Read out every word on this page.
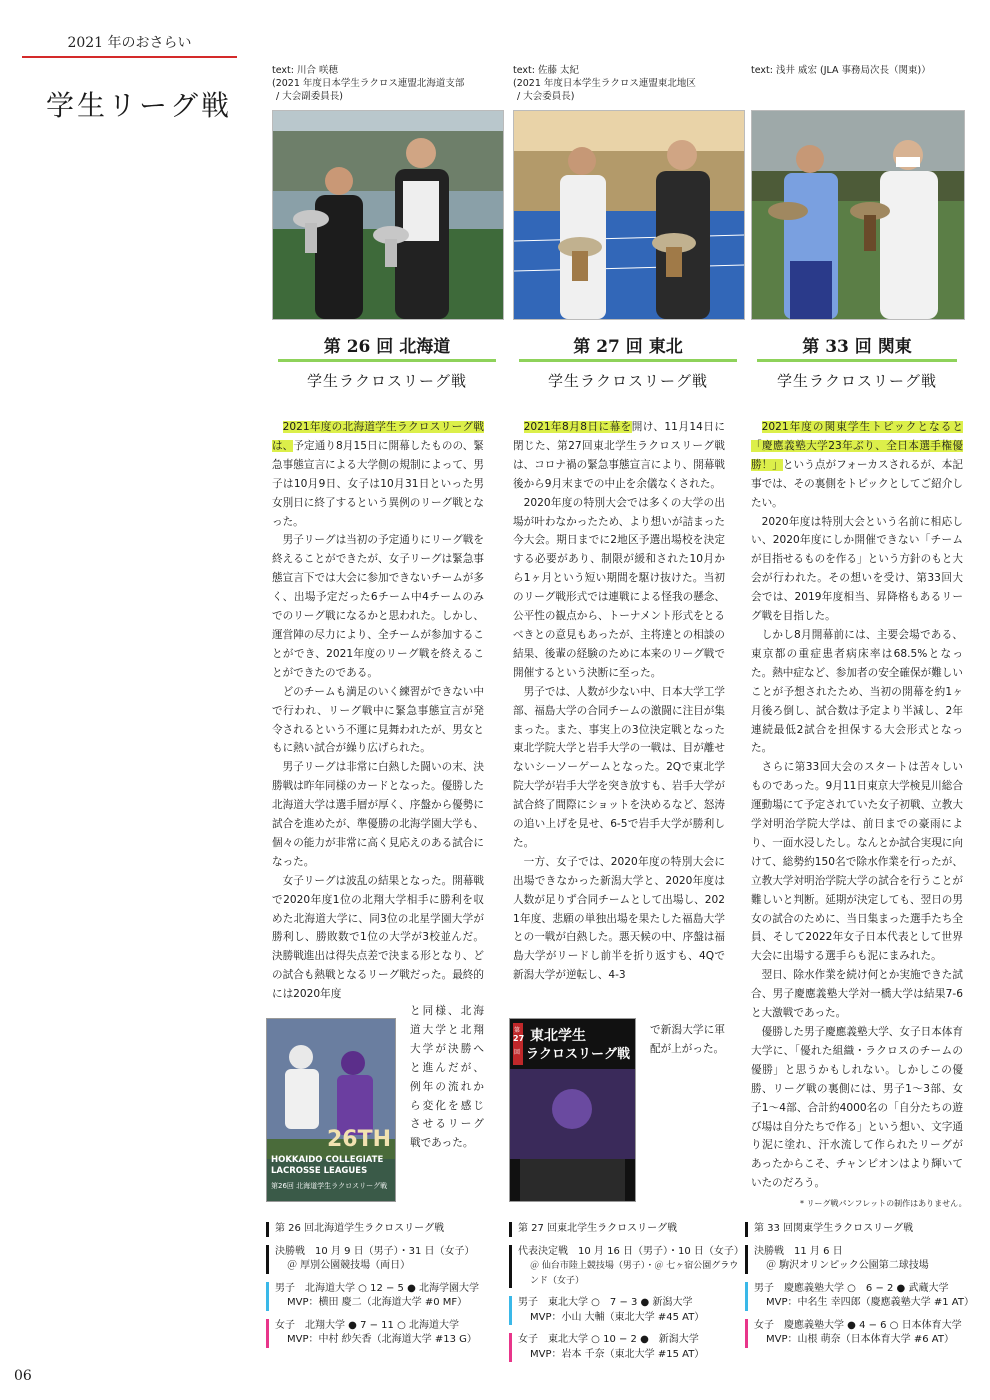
2021 年のおさらい
学生リーグ戦
text: 川合 咲穂
(2021 年度日本学生ラクロス連盟北海道支部
/ 大会副委員長)
第 26 回 北海道
学生ラクロスリーグ戦
text: 佐藤 太紀
(2021 年度日本学生ラクロス連盟東北地区
/ 大会委員長)
第 27 回 東北
学生ラクロスリーグ戦
text: 浅井 威宏 (JLA 事務局次長（関東)）
第 33 回 関東
学生ラクロスリーグ戦

2021年度の北海道学生ラクロスリーグ戦は、予定通り8月15日に開幕したものの、緊急事態宣言による大学側の規制によって、男子は10月9日、女子は10月31日といった男女別日に終了するという異例のリーグ戦となった。

男子リーグは当初の予定通りにリーグ戦を終えることができたが、女子リーグは緊急事態宣言下では大会に参加できないチームが多く、出場予定だった6チーム中4チームのみでのリーグ戦になるかと思われた。しかし、運営陣の尽力により、全チームが参加することができ、2021年度のリーグ戦を終えることができたのである。

どのチームも満足のいく練習ができない中で行われ、リーグ戦中に緊急事態宣言が発令されるという不運に見舞われたが、男女ともに熱い試合が繰り広げられた。

男子リーグは非常に白熱した闘いの末、決勝戦は昨年同様のカードとなった。優勝した北海道大学は選手層が厚く、序盤から優勢に試合を進めたが、準優勝の北海学園大学も、個々の能力が非常に高く見応えのある試合になった。

女子リーグは波乱の結果となった。開幕戦で2020年度1位の北翔大学相手に勝利を収めた北海道大学に、同3位の北星学園大学が勝利し、勝敗数で1位の大学が3校並んだ。決勝戦進出は得失点差で決まる形となり、どの試合も熱戦となるリーグ戦だった。最終的には2020年度

と同様、北海道大学と北翔大学が決勝へと進んだが、例年の流れから変化を感じさせるリーグ戦であった。
26TH
HOKKAIDO COLLEGIATE
LACROSSE LEAGUES
第26回 北海道学生ラクロスリーグ戦

2021年8月8日に幕を開け、11月14日に閉じた、第27回東北学生ラクロスリーグ戦は、コロナ禍の緊急事態宣言により、開幕戦後から9月末までの中止を余儀なくされた。

2020年度の特別大会では多くの大学の出場が叶わなかったため、より想いが詰まった今大会。期日までに2地区予選出場校を決定する必要があり、制限が緩和された10月から1ヶ月という短い期間を駆け抜けた。当初のリーグ戦形式では連戦による怪我の懸念、公平性の観点から、トーナメント形式をとるべきとの意見もあったが、主将達との相談の結果、後輩の経験のために本来のリーグ戦で開催するという決断に至った。

男子では、人数が少ない中、日本大学工学部、福島大学の合同チームの激闘に注目が集まった。また、事実上の3位決定戦となった東北学院大学と岩手大学の一戦は、目が離せないシーソーゲームとなった。2Qで東北学院大学が岩手大学を突き放すも、岩手大学が試合終了間際にショットを決めるなど、怒涛の追い上げを見せ、6-5で岩手大学が勝利した。

一方、女子では、2020年度の特別大会に出場できなかった新潟大学と、2020年度は人数が足りず合同チームとして出場し、2021年度、悲願の単独出場を果たした福島大学との一戦が白熱した。悪天候の中、序盤は福島大学がリードし前半を折り返すも、4Qで新潟大学が逆転し、4-3

で新潟大学に軍配が上がった。
第
27
回
東北学生
ラクロスリーグ戦

2021年度の関東学生トピックとなると「慶應義塾大学23年ぶり、全日本選手権優勝！」という点がフォーカスされるが、本記事では、その裏側をトピックとしてご紹介したい。

2020年度は特別大会という名前に相応しい、2020年度にしか開催できない「チームが目指せるものを作る」という方針のもと大会が行われた。その想いを受け、第33回大会では、2019年度相当、昇降格もあるリーグ戦を目指した。

しかし8月開幕前には、主要会場である、東京都の重症患者病床率は68.5%となった。熱中症など、参加者の安全確保が難しいことが予想されたため、当初の開幕を約1ヶ月後ろ倒し、試合数は予定より半減し、2年連続最低2試合を担保する大会形式となった。

さらに第33回大会のスタートは苦々しいものであった。9月11日東京大学検見川総合運動場にて予定されていた女子初戦、立教大学対明治学院大学は、前日までの豪雨により、一面水浸したし。なんとか試合実現に向けて、総勢約150名で除水作業を行ったが、立教大学対明治学院大学の試合を行うことが難しいと判断。延期が決定しても、翌日の男女の試合のために、当日集まった選手たち全員、そして2022年女子日本代表として世界大会に出場する選手らも泥にまみれた。

翌日、除水作業を続け何とか実施できた試合、男子慶應義塾大学対一橋大学は結果7-6と大激戦であった。

優勝した男子慶應義塾大学、女子日本体育大学に、「優れた組織・ラクロスのチームの優勝」と思うかもしれない。しかしこの優勝、リーグ戦の裏側には、男子1～3部、女子1～4部、合計約4000名の「自分たちの遊び場は自分たちで作る」という想い、文字通り泥に塗れ、汗水流して作られたリーグがあったからこそ、チャンピオンはより輝いていたのだろう。

* リーグ戦パンフレットの制作はありません。
第 26 回北海道学生ラクロスリーグ戦
決勝戦　10 月 9 日（男子）・31 日（女子）
＠ 厚別公園競技場（両日）
男子　北海道大学 ○ 12 − 5 ● 北海学園大学
MVP：横田 慶二（北海道大学 #0 MF）
女子　北翔大学 ● 7 − 11 ○ 北海道大学
MVP：中村 紗矢香（北海道大学 #13 G）
第 27 回東北学生ラクロスリーグ戦
代表決定戦　10 月 16 日（男子）・10 日（女子）
＠ 仙台市陸上競技場（男子）・＠ 七ヶ宿公園グラウンド（女子）
男子　東北大学 ○　7 − 3 ● 新潟大学
MVP：小山 大輔（東北大学 #45 AT）
女子　東北大学 ○ 10 − 2 ●　新潟大学
MVP：岩本 千奈（東北大学 #15 AT）
第 33 回関東学生ラクロスリーグ戦
決勝戦　11 月 6 日
＠ 駒沢オリンピック公園第二球技場
男子　慶應義塾大学 ○　6 − 2 ● 武蔵大学
MVP：中名生 幸四郎（慶應義塾大学 #1 AT）
女子　慶應義塾大学 ● 4 − 6 ○ 日本体育大学
MVP：山根 萌奈（日本体育大学 #6 AT）
06
